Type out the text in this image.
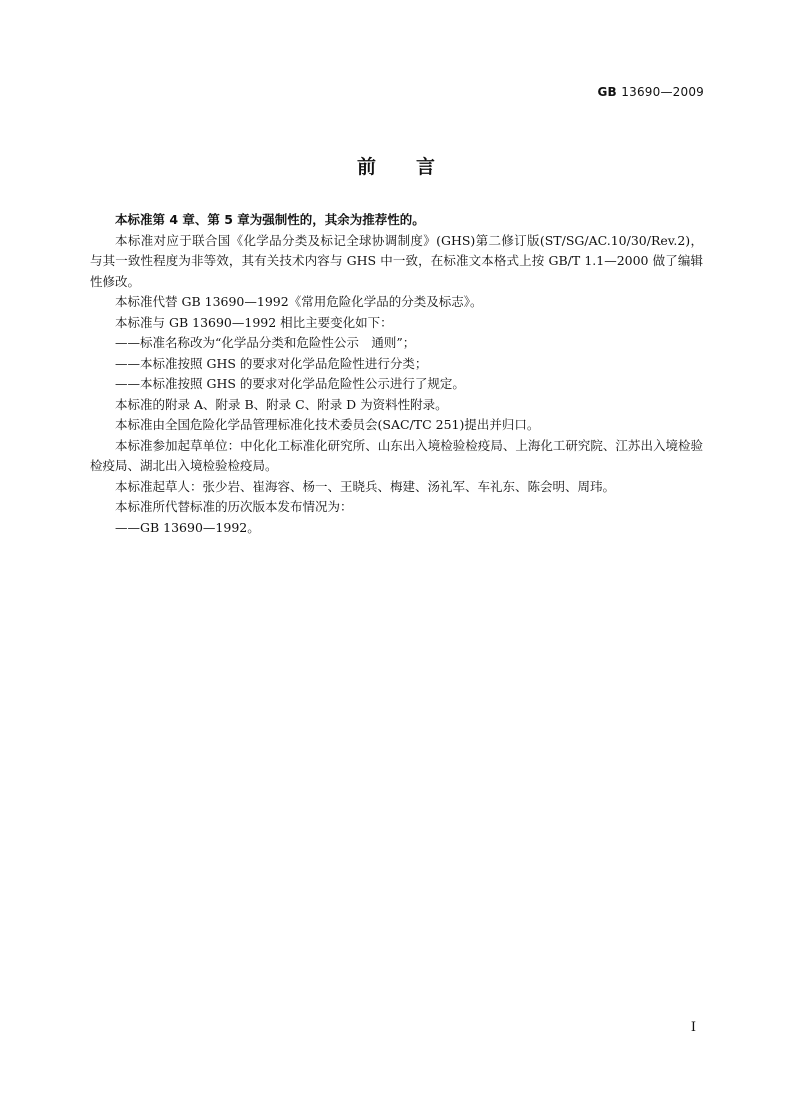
GB 13690—2009
前言

本标准第 4 章、第 5 章为强制性的，其余为推荐性的。

本标准对应于联合国《化学品分类及标记全球协调制度》(GHS)第二修订版(ST/SG/AC.10/30/Rev.2)，与其一致性程度为非等效，其有关技术内容与 GHS 中一致，在标准文本格式上按 GB/T 1.1—2000 做了编辑性修改。

本标准代替 GB 13690—1992《常用危险化学品的分类及标志》。

本标准与 GB 13690—1992 相比主要变化如下：

——标准名称改为“化学品分类和危险性公示　通则”；

——本标准按照 GHS 的要求对化学品危险性进行分类；

——本标准按照 GHS 的要求对化学品危险性公示进行了规定。

本标准的附录 A、附录 B、附录 C、附录 D 为资料性附录。

本标准由全国危险化学品管理标准化技术委员会(SAC/TC 251)提出并归口。

本标准参加起草单位：中化化工标准化研究所、山东出入境检验检疫局、上海化工研究院、江苏出入境检验检疫局、湖北出入境检验检疫局。

本标准起草人：张少岩、崔海容、杨一、王晓兵、梅建、汤礼军、车礼东、陈会明、周玮。

本标准所代替标准的历次版本发布情况为：

——GB 13690—1992。

I
